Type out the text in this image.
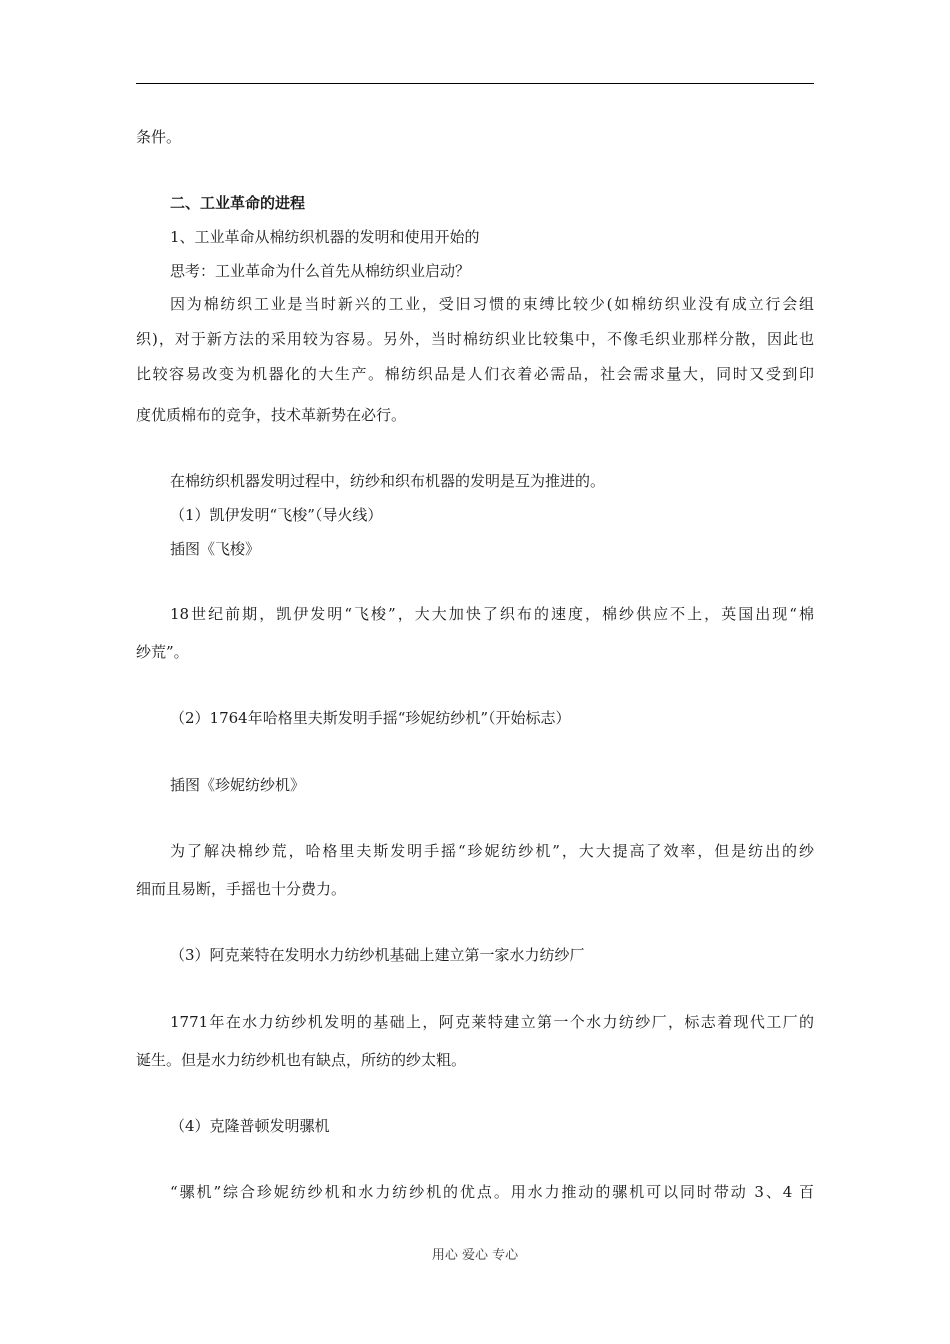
条件。
二、工业革命的进程
1、工业革命从棉纺织机器的发明和使用开始的
思考：工业革命为什么首先从棉纺织业启动？
因为棉纺织工业是当时新兴的工业，受旧习惯的束缚比较少(如棉纺织业没有成立行会组
织)，对于新方法的采用较为容易。另外，当时棉纺织业比较集中，不像毛织业那样分散，因此也
比较容易改变为机器化的大生产。棉纺织品是人们衣着必需品，社会需求量大，同时又受到印
度优质棉布的竞争，技术革新势在必行。
在棉纺织机器发明过程中，纺纱和织布机器的发明是互为推进的。
（1）凯伊发明“飞梭”（导火线）
插图《飞梭》
18世纪前期，凯伊发明“飞梭”，大大加快了织布的速度，棉纱供应不上，英国出现“棉
纱荒”。
（2）1764年哈格里夫斯发明手摇“珍妮纺纱机”（开始标志）
插图《珍妮纺纱机》
为了解决棉纱荒，哈格里夫斯发明手摇“珍妮纺纱机”，大大提高了效率，但是纺出的纱
细而且易断，手摇也十分费力。
（3）阿克莱特在发明水力纺纱机基础上建立第一家水力纺纱厂
1771年在水力纺纱机发明的基础上，阿克莱特建立第一个水力纺纱厂，标志着现代工厂的
诞生。但是水力纺纱机也有缺点，所纺的纱太粗。
（4）克隆普顿发明骡机
“骡机”综合珍妮纺纱机和水力纺纱机的优点。用水力推动的骡机可以同时带动 3、4 百
用心 爱心 专心
